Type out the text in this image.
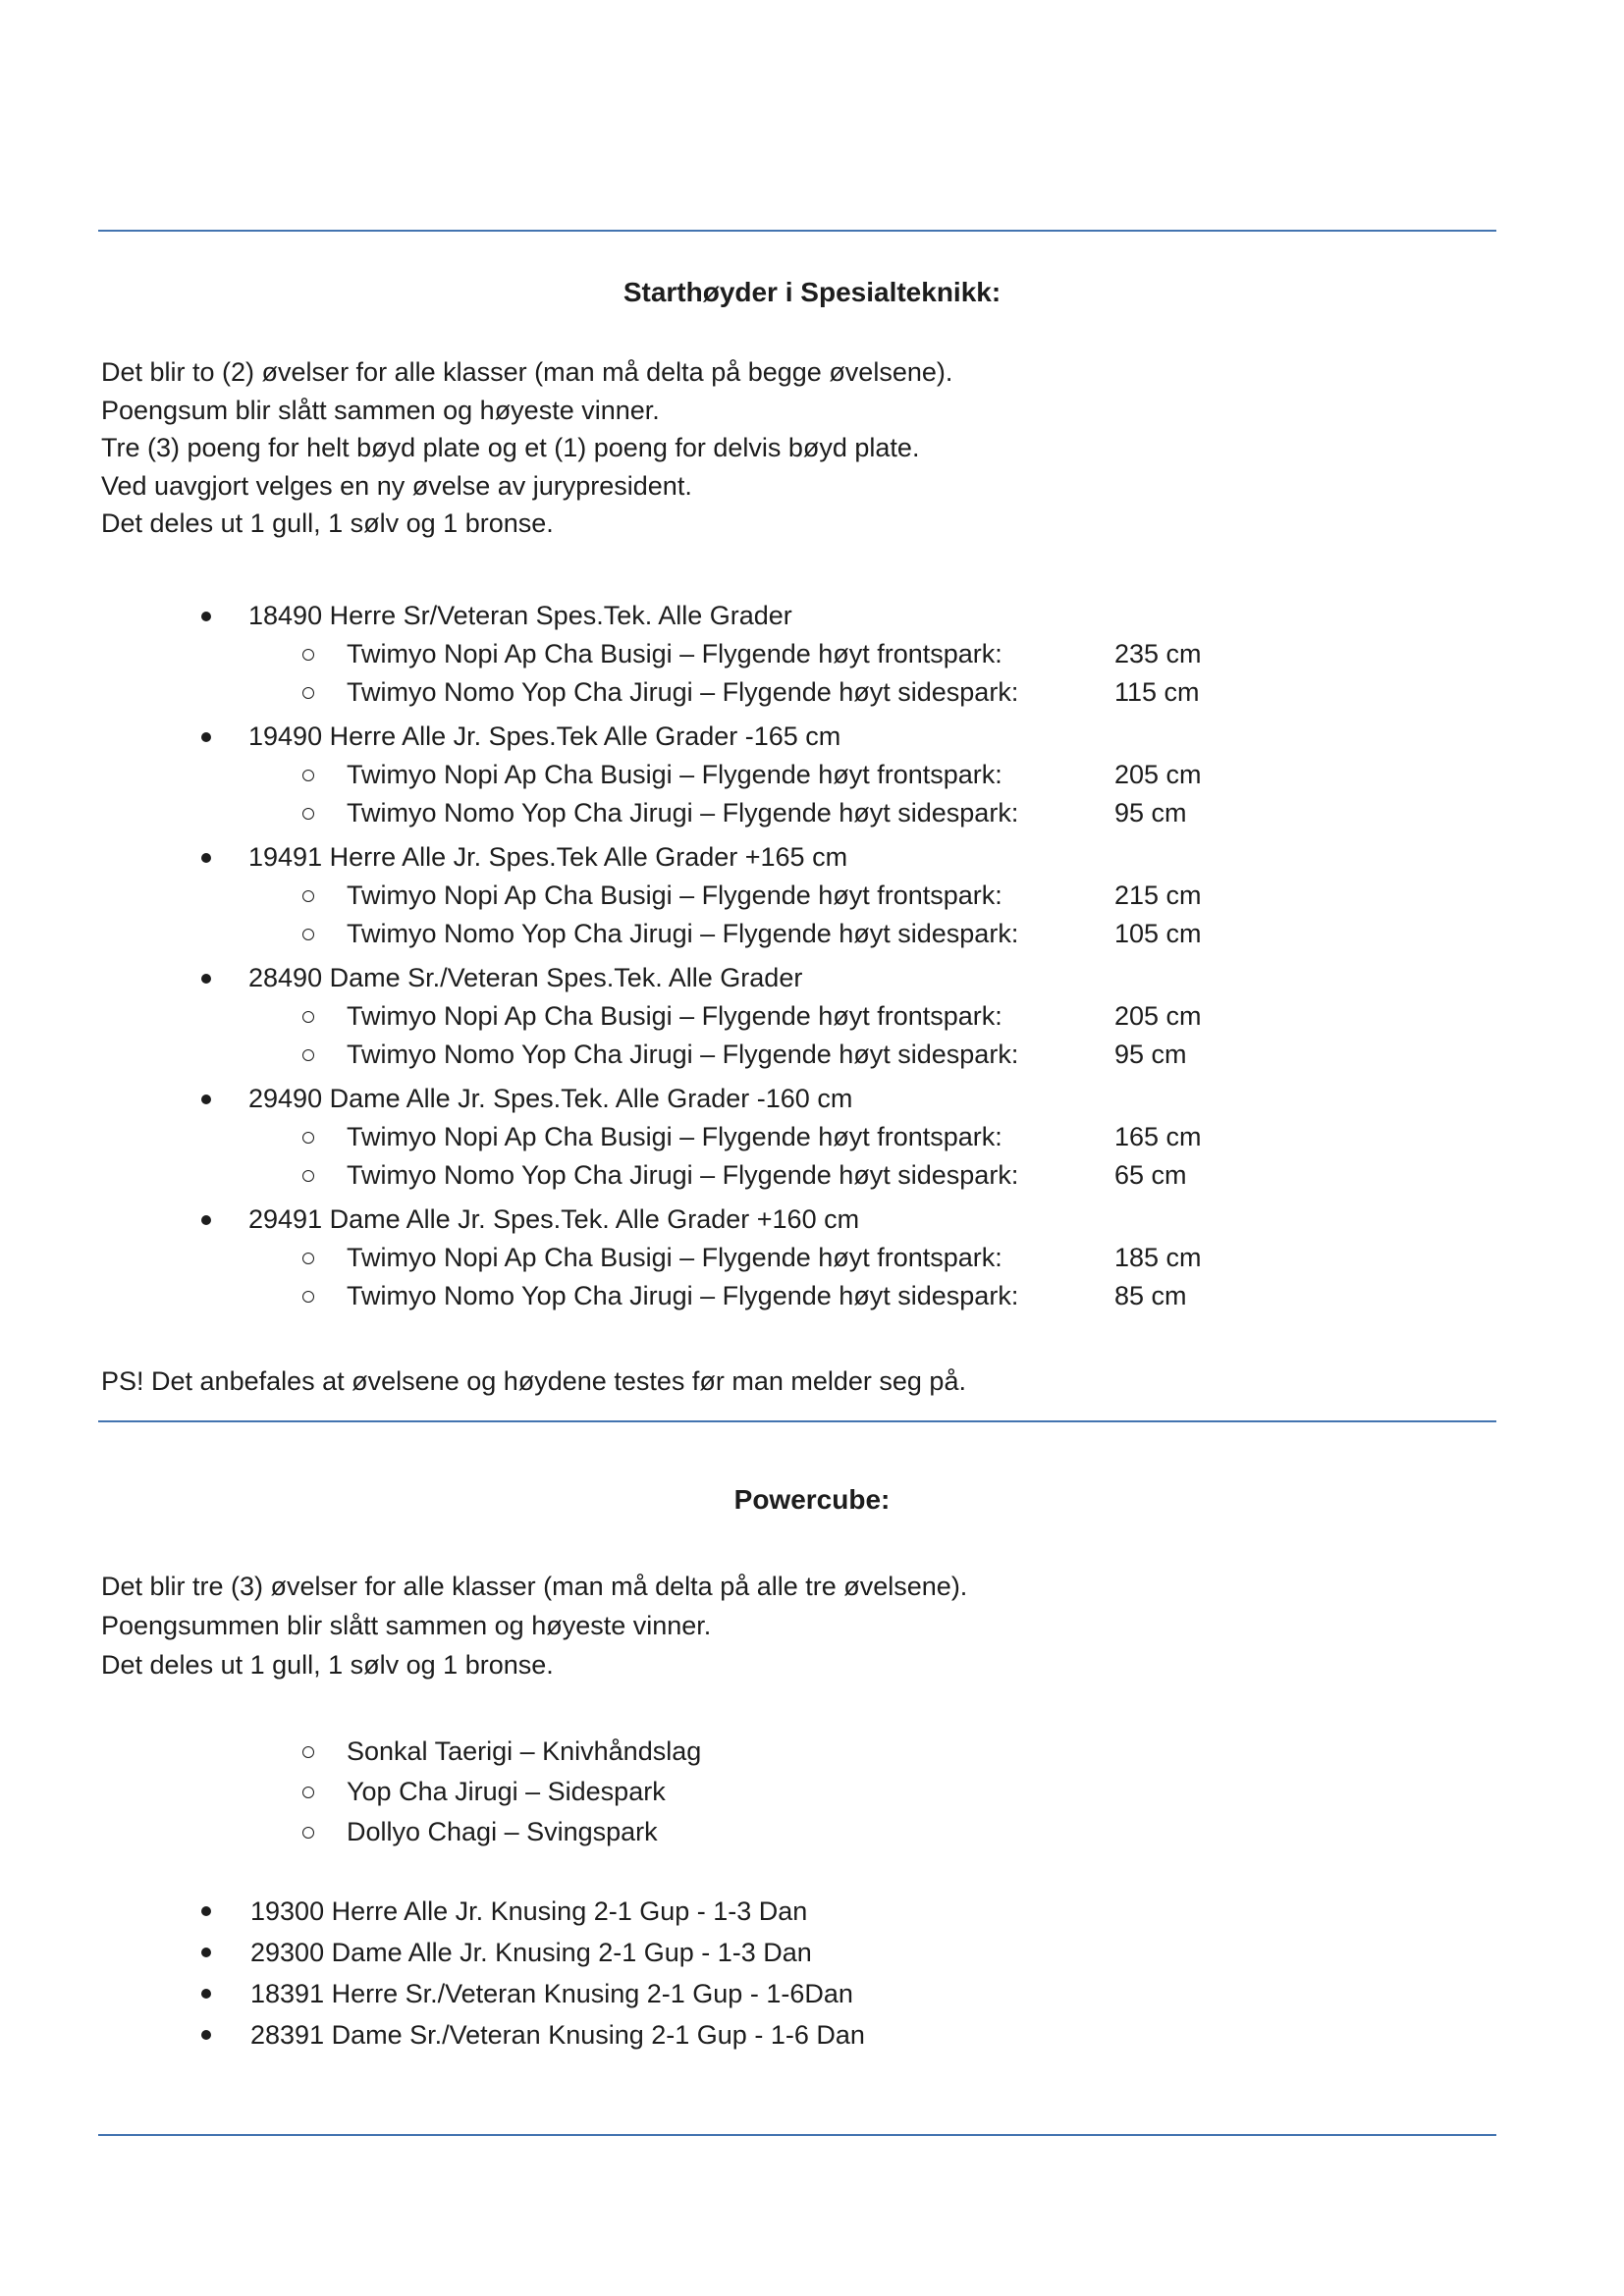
Starthøyder i Spesialteknikk:
Det blir to (2) øvelser for alle klasser (man må delta på begge øvelsene).
Poengsum blir slått sammen og høyeste vinner.
Tre (3) poeng for helt bøyd plate og et (1) poeng for delvis bøyd plate.
Ved uavgjort velges en ny øvelse av jurypresident.
Det deles ut 1 gull, 1 sølv og 1 bronse.
18490 Herre Sr/Veteran Spes.Tek. Alle Grader
Twimyo Nopi Ap Cha Busigi – Flygende høyt frontspark:	235 cm
Twimyo Nomo Yop Cha Jirugi – Flygende høyt sidespark:	115 cm
19490 Herre Alle Jr. Spes.Tek Alle Grader -165 cm
Twimyo Nopi Ap Cha Busigi – Flygende høyt frontspark:	205 cm
Twimyo Nomo Yop Cha Jirugi – Flygende høyt sidespark:	95 cm
19491 Herre Alle Jr. Spes.Tek Alle Grader +165 cm
Twimyo Nopi Ap Cha Busigi – Flygende høyt frontspark:	215 cm
Twimyo Nomo Yop Cha Jirugi – Flygende høyt sidespark:	105 cm
28490 Dame Sr./Veteran Spes.Tek. Alle Grader
Twimyo Nopi Ap Cha Busigi – Flygende høyt frontspark:	205 cm
Twimyo Nomo Yop Cha Jirugi – Flygende høyt sidespark:	95 cm
29490 Dame Alle Jr. Spes.Tek. Alle Grader -160 cm
Twimyo Nopi Ap Cha Busigi – Flygende høyt frontspark:	165 cm
Twimyo Nomo Yop Cha Jirugi – Flygende høyt sidespark:	65 cm
29491 Dame Alle Jr. Spes.Tek. Alle Grader +160 cm
Twimyo Nopi Ap Cha Busigi – Flygende høyt frontspark:	185 cm
Twimyo Nomo Yop Cha Jirugi – Flygende høyt sidespark:	85 cm
PS! Det anbefales at øvelsene og høydene testes før man melder seg på.
Powercube:
Det blir tre (3) øvelser for alle klasser (man må delta på alle tre øvelsene).
Poengsummen blir slått sammen og høyeste vinner.
Det deles ut 1 gull, 1 sølv og 1 bronse.
Sonkal Taerigi – Knivhåndslag
Yop Cha Jirugi – Sidespark
Dollyo Chagi – Svingspark
19300 Herre Alle Jr. Knusing 2-1 Gup - 1-3 Dan
29300 Dame Alle Jr. Knusing 2-1 Gup - 1-3 Dan
18391 Herre Sr./Veteran Knusing 2-1 Gup - 1-6Dan
28391 Dame Sr./Veteran Knusing 2-1 Gup - 1-6 Dan
